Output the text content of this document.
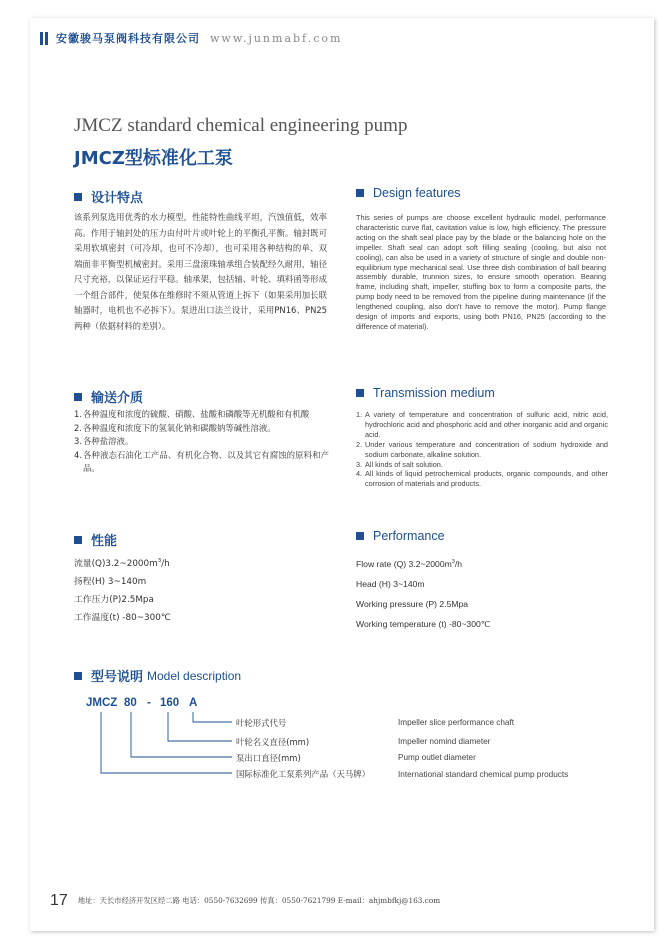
安徽骏马泵阀科技有限公司 www.junmabf.com
JMCZ standard chemical engineering pump
JMCZ型标准化工泵
设计特点	Design features

该系列泵选用优秀的水力模型，性能特性曲线平坦，汽蚀值低，效率高。作用于轴封处的压力由付叶片或叶轮上的平衡孔平衡。轴封既可采用软填密封（可冷却，也可不冷却），也可采用各种结构的单、双端面非平衡型机械密封。采用三盘滚珠轴承组合装配经久耐用，轴径尺寸充裕，以保证运行平稳。轴承架，包括轴、叶轮、填料函等形成一个组合部件，使泵体在维修时不须从管道上拆下（如果采用加长联轴器时，电机也不必拆下）。泵进出口法兰设计，采用PN16、PN25两种（依据材料的差别）。

This series of pumps are choose excellent hydraulic model, performance characteristic curve flat, cavitation value is low, high efficiency. The pressure acting on the shaft seal place pay by the blade or the balancing hole on the impeller. Shaft seal can adopt soft filling sealing (cooling, but also not cooling), can also be used in a variety of structure of single and double non-equilibrium type mechanical seal. Use three dish combination of ball bearing assembly durable, trunnion sizes, to ensure smooth operation. Bearing frame, including shaft, impeller, stuffing box to form a composite parts, the pump body need to be removed from the pipeline during maintenance (if the lengthened coupling, also don't have to remove the motor). Pump flange design of imports and exports, using both PN16, PN25 (according to the difference of material).

输送介质	Transmission medium
1. 各种温度和浓度的硫酸、硝酸、盐酸和磷酸等无机酸和有机酸
2. 各种温度和浓度下的氢氧化钠和碳酸钠等碱性溶液。
3. 各种盐溶液。
4. 各种液态石油化工产品、有机化合物、以及其它有腐蚀的原料和产品。
1. A variety of temperature and concentration of sulfuric acid, nitric acid, hydrochloric acid and phosphoric acid and other inorganic acid and organic acid.
2. Under various temperature and concentration of sodium hydroxide and sodium carbonate, alkaline solution.
3. All kinds of salt solution.
4. All kinds of liquid petrochemical products, organic compounds, and other corrosion of materials and products.
性能	Performance
流量$(Q)3.2\sim 2000m^3/h$
扬程(H) 3~140m
工作压力(P)2.5Mpa
工作温度(t) -80~300℃
Flow rate (Q) $3.2\sim 2000m^3/h$
Head (H) 3~140m
Working pressure (P) 2.5Mpa
Working temperature (t) -80~300℃
型号说明 Model description
JMCZ 80 - 160 A
叶轮形式代号
叶轮名义直径(mm)
泵出口直径(mm)
国际标准化工泵系列产品（天马牌）
Impeller slice performance chaft
Impeller nomind diameter
Pump outlet diameter
International standard chemical pump products
17 地址：天长市经济开发区经二路 电话：0550-7632699 传真：0550-7621799 E-mail：ahjmbfkj@163.com
